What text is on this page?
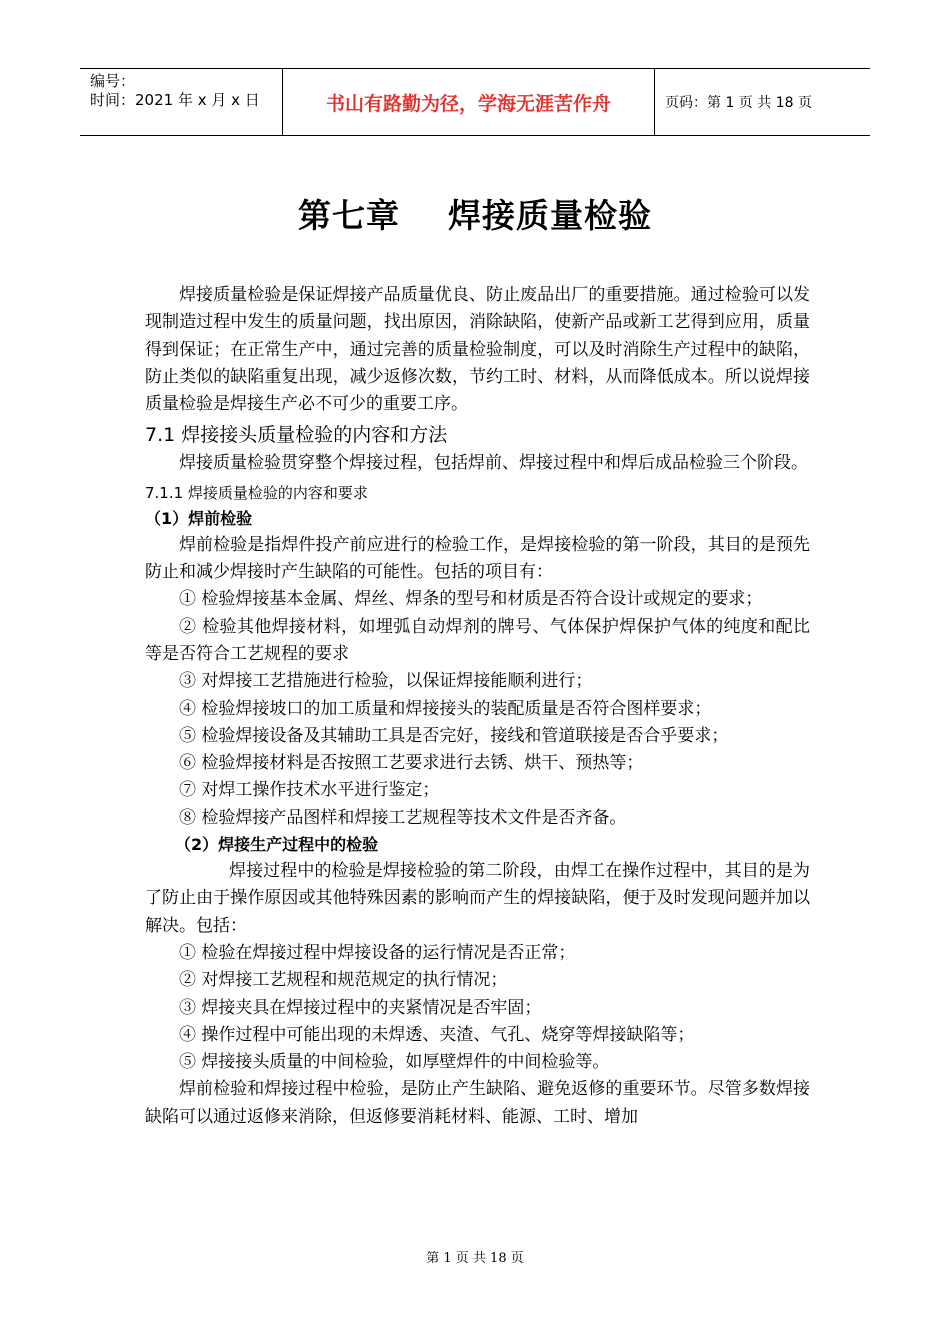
编号：
时间：2021 年 x 月 x 日	书山有路勤为径，学海无涯苦作舟	页码：第 1 页 共 18 页
第七章 焊接质量检验

焊接质量检验是保证焊接产品质量优良、防止废品出厂的重要措施。通过检验可以发现制造过程中发生的质量问题，找出原因，消除缺陷，使新产品或新工艺得到应用，质量得到保证；在正常生产中，通过完善的质量检验制度，可以及时消除生产过程中的缺陷，防止类似的缺陷重复出现，减少返修次数，节约工时、材料，从而降低成本。所以说焊接质量检验是焊接生产必不可少的重要工序。

7.1 焊接接头质量检验的内容和方法

焊接质量检验贯穿整个焊接过程，包括焊前、焊接过程中和焊后成品检验三个阶段。

7.1.1 焊接质量检验的内容和要求
（1）焊前检验

焊前检验是指焊件投产前应进行的检验工作，是焊接检验的第一阶段，其目的是预先防止和减少焊接时产生缺陷的可能性。包括的项目有：

① 检验焊接基本金属、焊丝、焊条的型号和材质是否符合设计或规定的要求；

② 检验其他焊接材料，如埋弧自动焊剂的牌号、气体保护焊保护气体的纯度和配比等是否符合工艺规程的要求

③ 对焊接工艺措施进行检验，以保证焊接能顺利进行；

④ 检验焊接坡口的加工质量和焊接接头的装配质量是否符合图样要求；

⑤ 检验焊接设备及其辅助工具是否完好，接线和管道联接是否合乎要求；

⑥ 检验焊接材料是否按照工艺要求进行去锈、烘干、预热等；

⑦ 对焊工操作技术水平进行鉴定；

⑧ 检验焊接产品图样和焊接工艺规程等技术文件是否齐备。

（2）焊接生产过程中的检验

焊接过程中的检验是焊接检验的第二阶段，由焊工在操作过程中，其目的是为了防止由于操作原因或其他特殊因素的影响而产生的焊接缺陷，便于及时发现问题并加以解决。包括：

① 检验在焊接过程中焊接设备的运行情况是否正常；

② 对焊接工艺规程和规范规定的执行情况；

③ 焊接夹具在焊接过程中的夹紧情况是否牢固；

④ 操作过程中可能出现的未焊透、夹渣、气孔、烧穿等焊接缺陷等；

⑤ 焊接接头质量的中间检验，如厚壁焊件的中间检验等。

焊前检验和焊接过程中检验，是防止产生缺陷、避免返修的重要环节。尽管多数焊接缺陷可以通过返修来消除，但返修要消耗材料、能源、工时、增加

第 1 页 共 18 页
